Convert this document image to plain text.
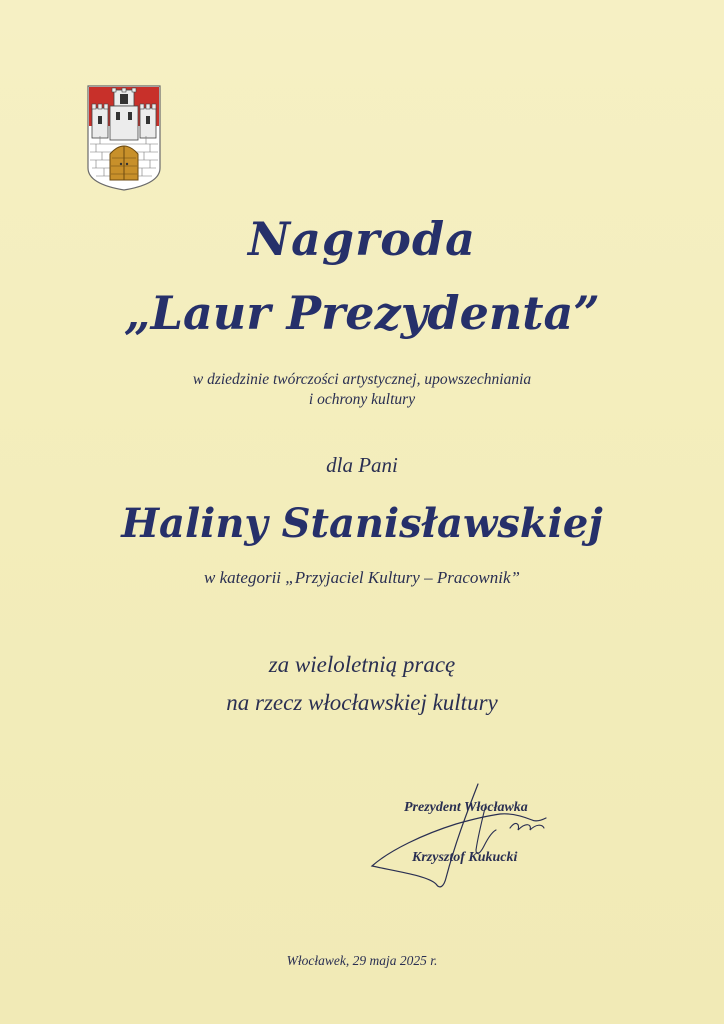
Nagroda
„Laur Prezydenta”
w dziedzinie twórczości artystycznej, upowszechniania
i ochrony kultury
dla Pani
Haliny Stanisławskiej
w kategorii „Przyjaciel Kultury – Pracownik”
za wieloletnią pracę
na rzecz włocławskiej kultury
Prezydent Włocławka
Krzysztof Kukucki
Włocławek, 29 maja 2025 r.
